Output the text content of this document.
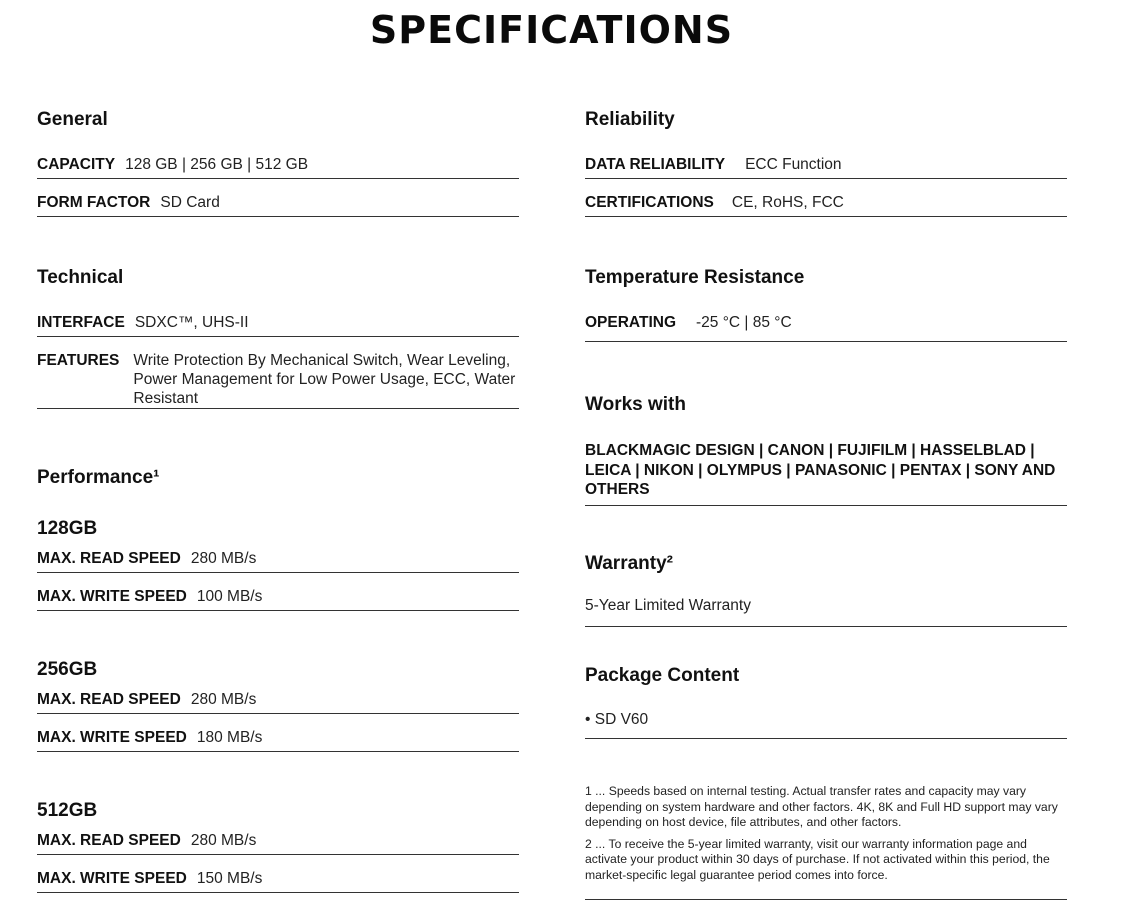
SPECIFICATIONS
General
CAPACITY 128 GB | 256 GB | 512 GB
FORM FACTOR SD Card
Technical
INTERFACE SDXC™, UHS-II
FEATURES Write Protection By Mechanical Switch, Wear Leveling, Power Management for Low Power Usage, ECC, Water Resistant
Performance¹
128GB
MAX. READ SPEED 280 MB/s
MAX. WRITE SPEED 100 MB/s
256GB
MAX. READ SPEED 280 MB/s
MAX. WRITE SPEED 180 MB/s
512GB
MAX. READ SPEED 280 MB/s
MAX. WRITE SPEED 150 MB/s
Reliability
DATA RELIABILITY ECC Function
CERTIFICATIONS CE, RoHS, FCC
Temperature Resistance
OPERATING -25 °C | 85 °C
Works with
BLACKMAGIC DESIGN | CANON | FUJIFILM | HASSELBLAD | LEICA | NIKON | OLYMPUS | PANASONIC | PENTAX | SONY AND OTHERS
Warranty²
5-Year Limited Warranty
Package Content
• SD V60

1 ... Speeds based on internal testing. Actual transfer rates and capacity may vary depending on system hardware and other factors. 4K, 8K and Full HD support may vary depending on host device, file attributes, and other factors.

2 ... To receive the 5-year limited warranty, visit our warranty information page and activate your product within 30 days of purchase. If not activated within this period, the market-specific legal guarantee period comes into force.
